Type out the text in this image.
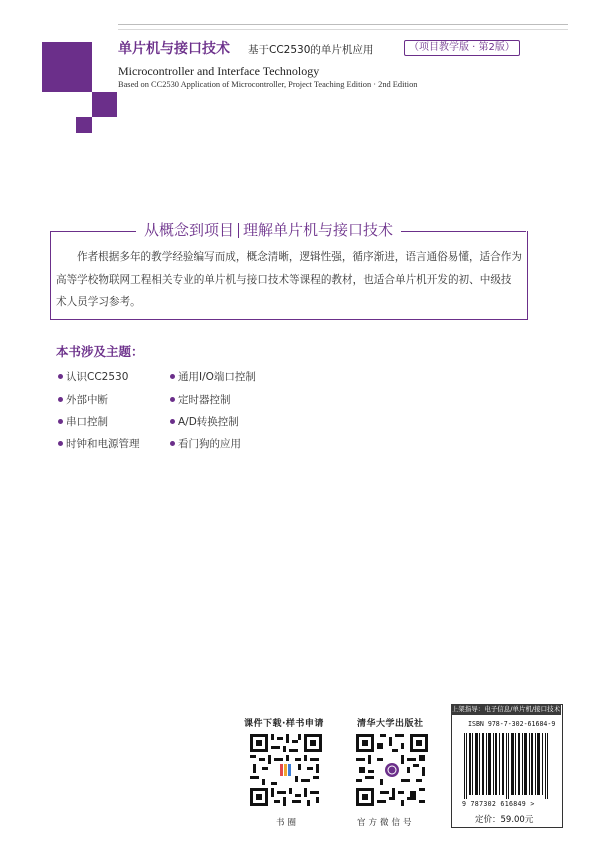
单片机与接口技术 基于CC2530的单片机应用	（项目教学版 · 第2版）
Microcontroller and Interface Technology
Based on CC2530 Application of Microcontroller, Project Teaching Edition · 2nd Edition
从概念到项目 理解单片机与接口技术
作者根据多年的教学经验编写而成，概念清晰，逻辑性强，循序渐进，语言通俗易懂，适合作为高等学校物联网工程相关专业的单片机与接口技术等课程的教材，也适合单片机开发的初、中级技术人员学习参考。
本书涉及主题：
认识CC2530
外部中断
串口控制
时钟和电源管理
通用I/O端口控制
定时器控制
A/D转换控制
看门狗的应用
课件下载·样书申请
书圈
清华大学出版社
官方微信号
上架指导：电子信息/单片机/接口技术
ISBN 978-7-302-61684-9
9 787302 616849 >
定价：59.00元
